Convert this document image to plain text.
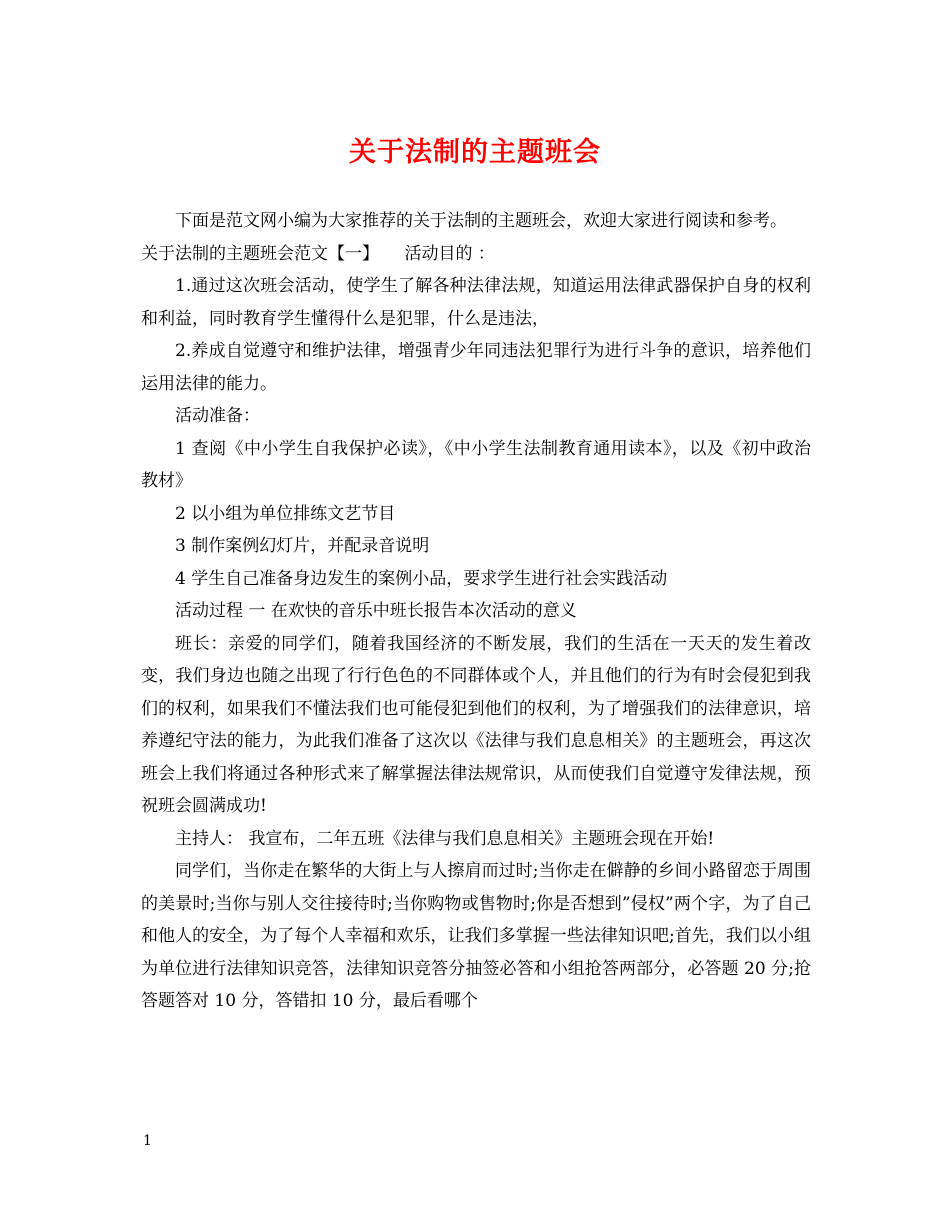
关于法制的主题班会

下面是范文网小编为大家推荐的关于法制的主题班会，欢迎大家进行阅读和参考。

关于法制的主题班会范文【一】　　活动目的 ：

1.通过这次班会活动，使学生了解各种法律法规，知道运用法律武器保护自身的权利和利益，同时教育学生懂得什么是犯罪，什么是违法，

2.养成自觉遵守和维护法律，增强青少年同违法犯罪行为进行斗争的意识，培养他们运用法律的能力。

活动准备：

1 查阅《中小学生自我保护必读》，《中小学生法制教育通用读本》，以及《初中政治教材》

2 以小组为单位排练文艺节目

3 制作案例幻灯片，并配录音说明

4 学生自己准备身边发生的案例小品，要求学生进行社会实践活动

活动过程 一 在欢快的音乐中班长报告本次活动的意义

班长：亲爱的同学们，随着我国经济的不断发展，我们的生活在一天天的发生着改变，我们身边也随之出现了行行色色的不同群体或个人，并且他们的行为有时会侵犯到我们的权利，如果我们不懂法我们也可能侵犯到他们的权利，为了增强我们的法律意识，培养遵纪守法的能力，为此我们准备了这次以《法律与我们息息相关》的主题班会，再这次班会上我们将通过各种形式来了解掌握法律法规常识，从而使我们自觉遵守发律法规，预祝班会圆满成功!

主持人： 我宣布，二年五班《法律与我们息息相关》主题班会现在开始!

同学们，当你走在繁华的大街上与人擦肩而过时;当你走在僻静的乡间小路留恋于周围的美景时;当你与别人交往接待时;当你购物或售物时;你是否想到”侵权”两个字，为了自己和他人的安全，为了每个人幸福和欢乐，让我们多掌握一些法律知识吧;首先，我们以小组为单位进行法律知识竞答，法律知识竞答分抽签必答和小组抢答两部分，必答题 20 分;抢答题答对 10 分，答错扣 10 分，最后看哪个

1
